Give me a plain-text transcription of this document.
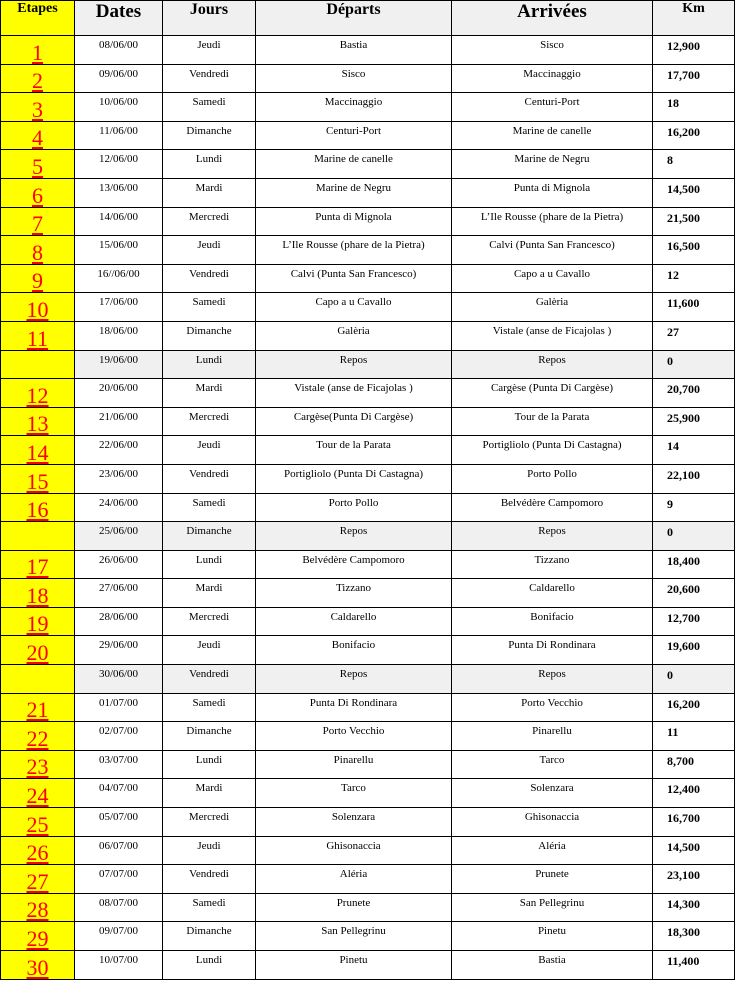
Etapes	Dates	Jours	Départs	Arrivées	Km
1	08/06/00	Jeudi	Bastia	Sisco	12,900
2	09/06/00	Vendredi	Sisco	Maccinaggio	17,700
3	10/06/00	Samedi	Maccinaggio	Centuri-Port	18
4	11/06/00	Dimanche	Centuri-Port	Marine de canelle	16,200
5	12/06/00	Lundi	Marine de canelle	Marine de Negru	8
6	13/06/00	Mardi	Marine de Negru	Punta di Mignola	14,500
7	14/06/00	Mercredi	Punta di Mignola	L’Ile Rousse (phare de la Pietra)	21,500
8	15/06/00	Jeudi	L’Ile Rousse (phare de la Pietra)	Calvi (Punta San Francesco)	16,500
9	16//06/00	Vendredi	Calvi (Punta San Francesco)	Capo a u Cavallo	12
10	17/06/00	Samedi	Capo a u Cavallo	Galèria	11,600
11	18/06/00	Dimanche	Galèria	Vistale (anse de Ficajolas )	27
	19/06/00	Lundi	Repos	Repos	0
12	20/06/00	Mardi	Vistale (anse de Ficajolas )	Cargèse (Punta Di Cargèse)	20,700
13	21/06/00	Mercredi	Cargèse(Punta Di Cargèse)	Tour de la Parata	25,900
14	22/06/00	Jeudi	Tour de la Parata	Portigliolo (Punta Di Castagna)	14
15	23/06/00	Vendredi	Portigliolo (Punta Di Castagna)	Porto Pollo	22,100
16	24/06/00	Samedi	Porto Pollo	Belvédère Campomoro	9
	25/06/00	Dimanche	Repos	Repos	0
17	26/06/00	Lundi	Belvédère Campomoro	Tizzano	18,400
18	27/06/00	Mardi	Tizzano	Caldarello	20,600
19	28/06/00	Mercredi	Caldarello	Bonifacio	12,700
20	29/06/00	Jeudi	Bonifacio	Punta Di Rondinara	19,600
	30/06/00	Vendredi	Repos	Repos	0
21	01/07/00	Samedi	Punta Di Rondinara	Porto Vecchio	16,200
22	02/07/00	Dimanche	Porto Vecchio	Pinarellu	11
23	03/07/00	Lundi	Pinarellu	Tarco	8,700
24	04/07/00	Mardi	Tarco	Solenzara	12,400
25	05/07/00	Mercredi	Solenzara	Ghisonaccia	16,700
26	06/07/00	Jeudi	Ghisonaccia	Aléria	14,500
27	07/07/00	Vendredi	Aléria	Prunete	23,100
28	08/07/00	Samedi	Prunete	San Pellegrinu	14,300
29	09/07/00	Dimanche	San Pellegrinu	Pinetu	18,300
30	10/07/00	Lundi	Pinetu	Bastia	11,400
